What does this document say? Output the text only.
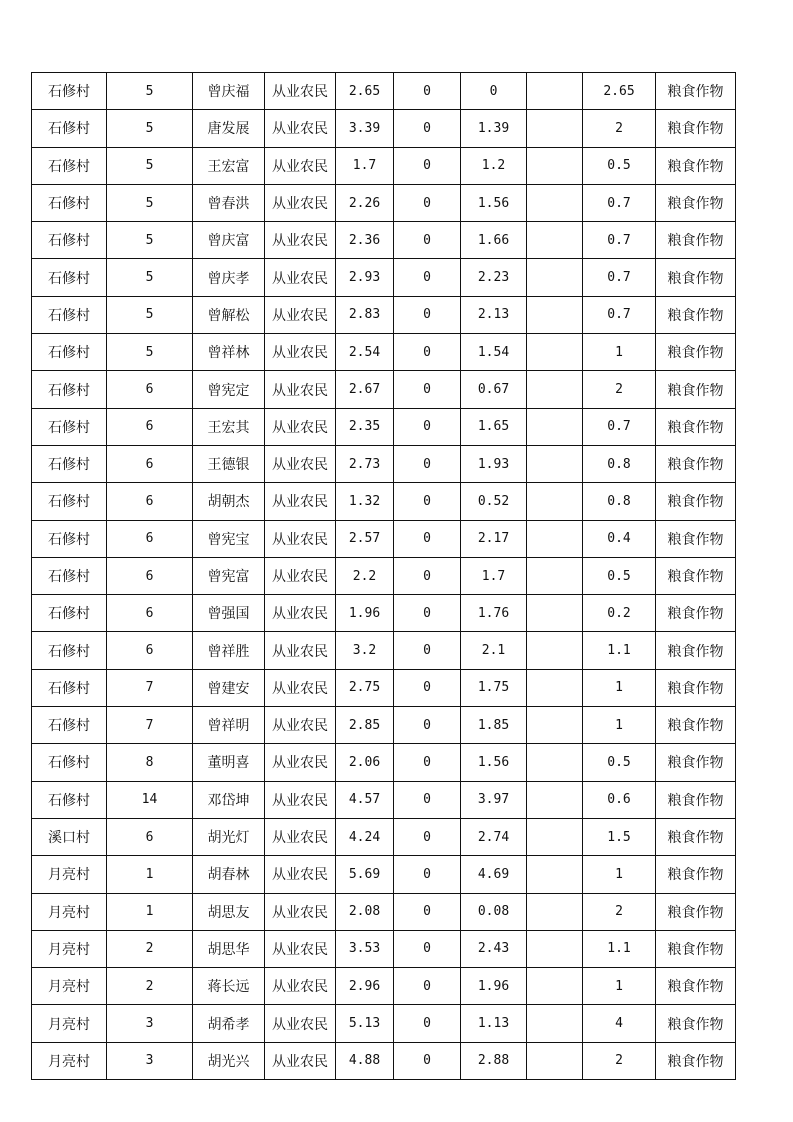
石修村	5	曾庆福	从业农民	2.65	0	0		2.65	粮食作物
石修村	5	唐发展	从业农民	3.39	0	1.39		2	粮食作物
石修村	5	王宏富	从业农民	1.7	0	1.2		0.5	粮食作物
石修村	5	曾春洪	从业农民	2.26	0	1.56		0.7	粮食作物
石修村	5	曾庆富	从业农民	2.36	0	1.66		0.7	粮食作物
石修村	5	曾庆孝	从业农民	2.93	0	2.23		0.7	粮食作物
石修村	5	曾解松	从业农民	2.83	0	2.13		0.7	粮食作物
石修村	5	曾祥林	从业农民	2.54	0	1.54		1	粮食作物
石修村	6	曾宪定	从业农民	2.67	0	0.67		2	粮食作物
石修村	6	王宏其	从业农民	2.35	0	1.65		0.7	粮食作物
石修村	6	王德银	从业农民	2.73	0	1.93		0.8	粮食作物
石修村	6	胡朝杰	从业农民	1.32	0	0.52		0.8	粮食作物
石修村	6	曾宪宝	从业农民	2.57	0	2.17		0.4	粮食作物
石修村	6	曾宪富	从业农民	2.2	0	1.7		0.5	粮食作物
石修村	6	曾强国	从业农民	1.96	0	1.76		0.2	粮食作物
石修村	6	曾祥胜	从业农民	3.2	0	2.1		1.1	粮食作物
石修村	7	曾建安	从业农民	2.75	0	1.75		1	粮食作物
石修村	7	曾祥明	从业农民	2.85	0	1.85		1	粮食作物
石修村	8	董明喜	从业农民	2.06	0	1.56		0.5	粮食作物
石修村	14	邓岱坤	从业农民	4.57	0	3.97		0.6	粮食作物
溪口村	6	胡光灯	从业农民	4.24	0	2.74		1.5	粮食作物
月亮村	1	胡春林	从业农民	5.69	0	4.69		1	粮食作物
月亮村	1	胡思友	从业农民	2.08	0	0.08		2	粮食作物
月亮村	2	胡思华	从业农民	3.53	0	2.43		1.1	粮食作物
月亮村	2	蒋长远	从业农民	2.96	0	1.96		1	粮食作物
月亮村	3	胡希孝	从业农民	5.13	0	1.13		4	粮食作物
月亮村	3	胡光兴	从业农民	4.88	0	2.88		2	粮食作物
